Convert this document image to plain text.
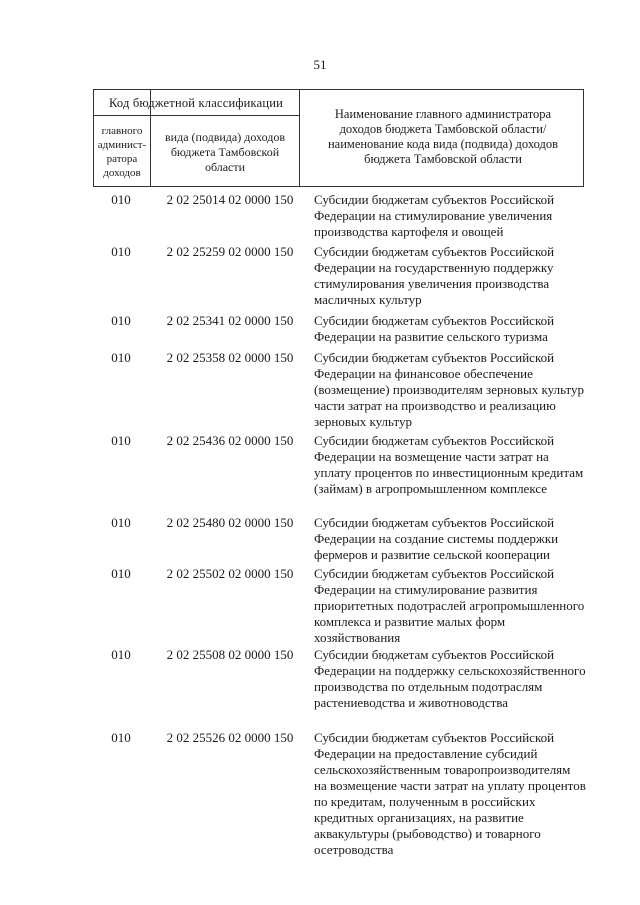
51
Код бюджетной классификации
главного админист-ратора доходов
вида (подвида) доходов бюджета Тамбовской области
Наименование главного администратора доходов бюджета Тамбовской области/наименование кода вида (подвида) доходов бюджета Тамбовской области
010	2 02 25014 02 0000 150	Субсидии бюджетам субъектов Российской Федерации на стимулирование увеличения производства картофеля и овощей
010	2 02 25259 02 0000 150	Субсидии бюджетам субъектов Российской Федерации на государственную поддержку стимулирования увеличения производства масличных культур
010	2 02 25341 02 0000 150	Субсидии бюджетам субъектов Российской Федерации на развитие сельского туризма
010	2 02 25358 02 0000 150	Субсидии бюджетам субъектов Российской Федерации на финансовое обеспечение (возмещение) производителям зерновых культур части затрат на производство и реализацию зерновых культур
010	2 02 25436 02 0000 150	Субсидии бюджетам субъектов Российской Федерации на возмещение части затрат на уплату процентов по инвестиционным кредитам (займам) в агропромышленном комплексе
010	2 02 25480 02 0000 150	Субсидии бюджетам субъектов Российской Федерации на создание системы поддержки фермеров и развитие сельской кооперации
010	2 02 25502 02 0000 150	Субсидии бюджетам субъектов Российской Федерации на стимулирование развития приоритетных подотраслей агропромышленного комплекса и развитие малых форм хозяйствования
010	2 02 25508 02 0000 150	Субсидии бюджетам субъектов Российской Федерации на поддержку сельскохозяйственного производства по отдельным подотраслям растениеводства и животноводства
010	2 02 25526 02 0000 150	Субсидии бюджетам субъектов Российской Федерации на предоставление субсидий сельскохозяйственным товаропроизводителям на возмещение части затрат на уплату процентов по кредитам, полученным в российских кредитных организациях, на развитие аквакультуры (рыбоводство) и товарного осетроводства
